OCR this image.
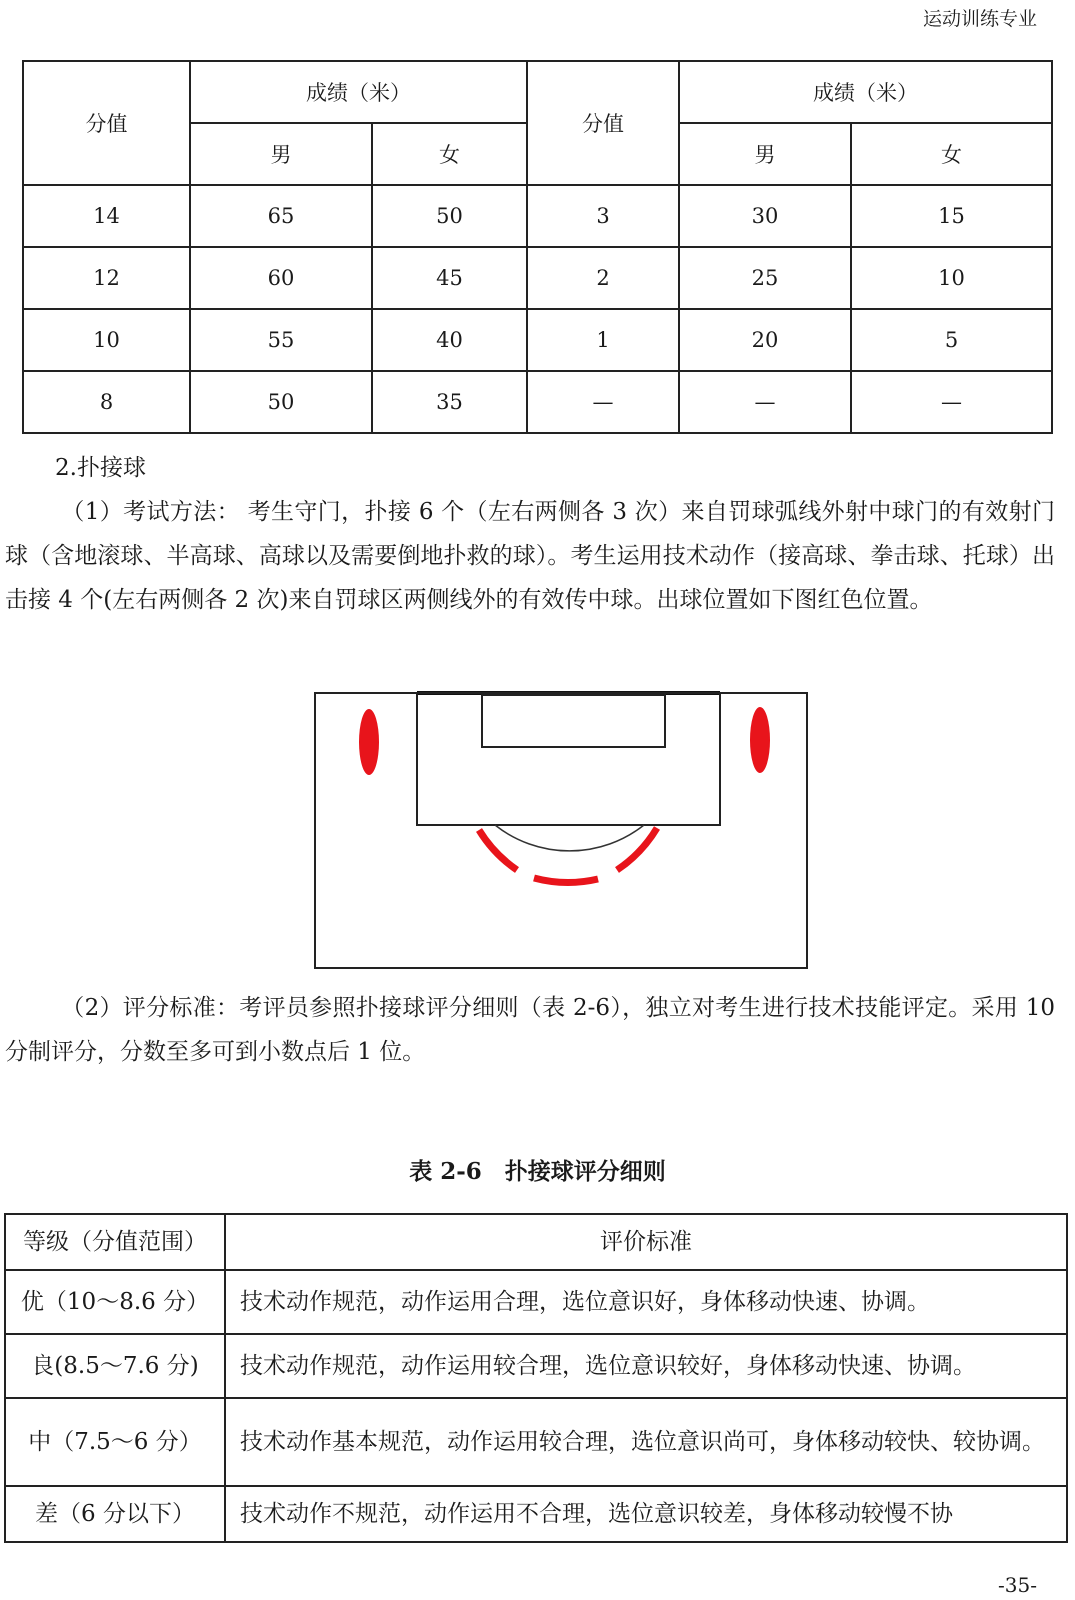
运动训练专业
分值	成绩（米）		分值	成绩（米）	
	男	女		男	女
14	65	50	3	30	15
12	60	45	2	25	10
10	55	40	1	20	5
8	50	35	—	—	—
2.扑接球

（1）考试方法： 考生守门，扑接 6 个（左右两侧各 3 次）来自罚球弧线外射中球门的有效射门球（含地滚球、半高球、高球以及需要倒地扑救的球）。考生运用技术动作（接高球、拳击球、托球）出击接 4 个(左右两侧各 2 次)来自罚球区两侧线外的有效传中球。出球位置如下图红色位置。

（2）评分标准：考评员参照扑接球评分细则（表 2-6），独立对考生进行技术技能评定。采用 10 分制评分，分数至多可到小数点后 1 位。

表 2-6　扑接球评分细则
等级（分值范围）	评价标准
优（10～8.6 分）	技术动作规范，动作运用合理，选位意识好，身体移动快速、协调。
良(8.5～7.6 分)	技术动作规范，动作运用较合理，选位意识较好，身体移动快速、协调。
中（7.5～6 分）	技术动作基本规范，动作运用较合理，选位意识尚可，身体移动较快、较协调。
差（6 分以下）	技术动作不规范，动作运用不合理，选位意识较差，身体移动较慢不协
-35-
